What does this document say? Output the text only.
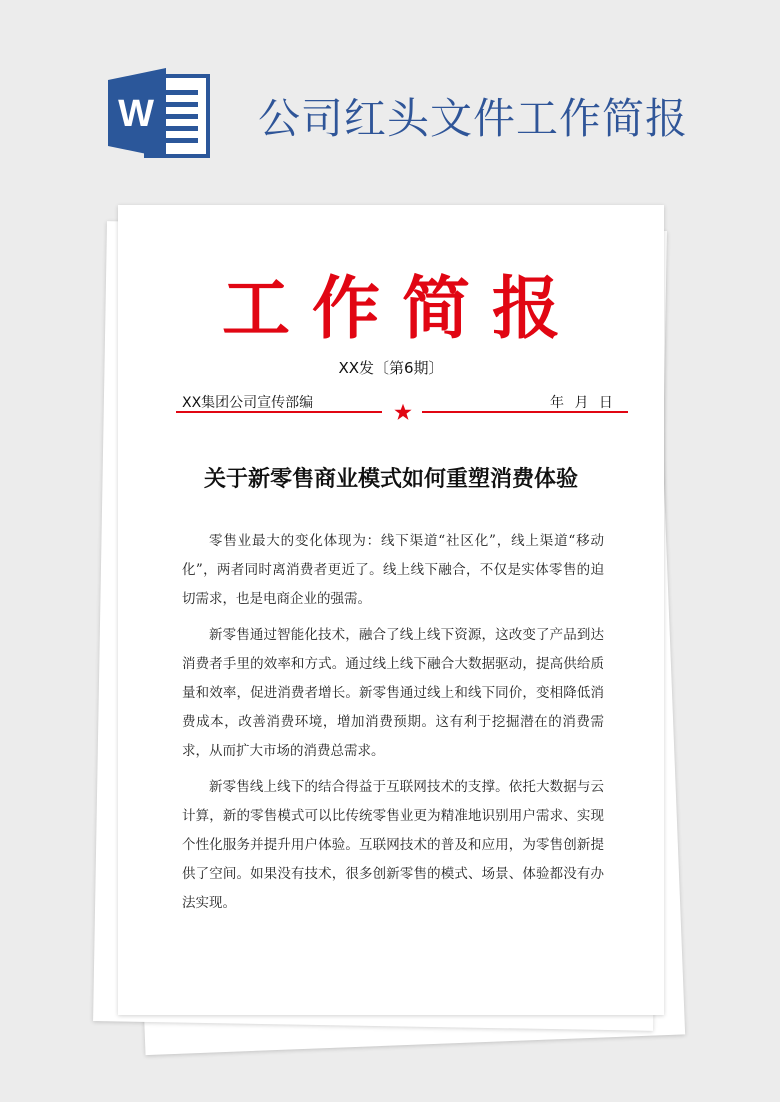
W 公司红头文件工作简报
工作简报
XX发〔第6期〕
XX集团公司宣传部编	年 月 日
关于新零售商业模式如何重塑消费体验

零售业最大的变化体现为：线下渠道“社区化”，线上渠道“移动化”，两者同时离消费者更近了。线上线下融合，不仅是实体零售的迫切需求，也是电商企业的强需。

新零售通过智能化技术，融合了线上线下资源，这改变了产品到达消费者手里的效率和方式。通过线上线下融合大数据驱动，提高供给质量和效率，促进消费者增长。新零售通过线上和线下同价，变相降低消费成本，改善消费环境，增加消费预期。这有利于挖掘潜在的消费需求，从而扩大市场的消费总需求。

新零售线上线下的结合得益于互联网技术的支撑。依托大数据与云计算，新的零售模式可以比传统零售业更为精准地识别用户需求、实现个性化服务并提升用户体验。互联网技术的普及和应用，为零售创新提供了空间。如果没有技术，很多创新零售的模式、场景、体验都没有办法实现。
